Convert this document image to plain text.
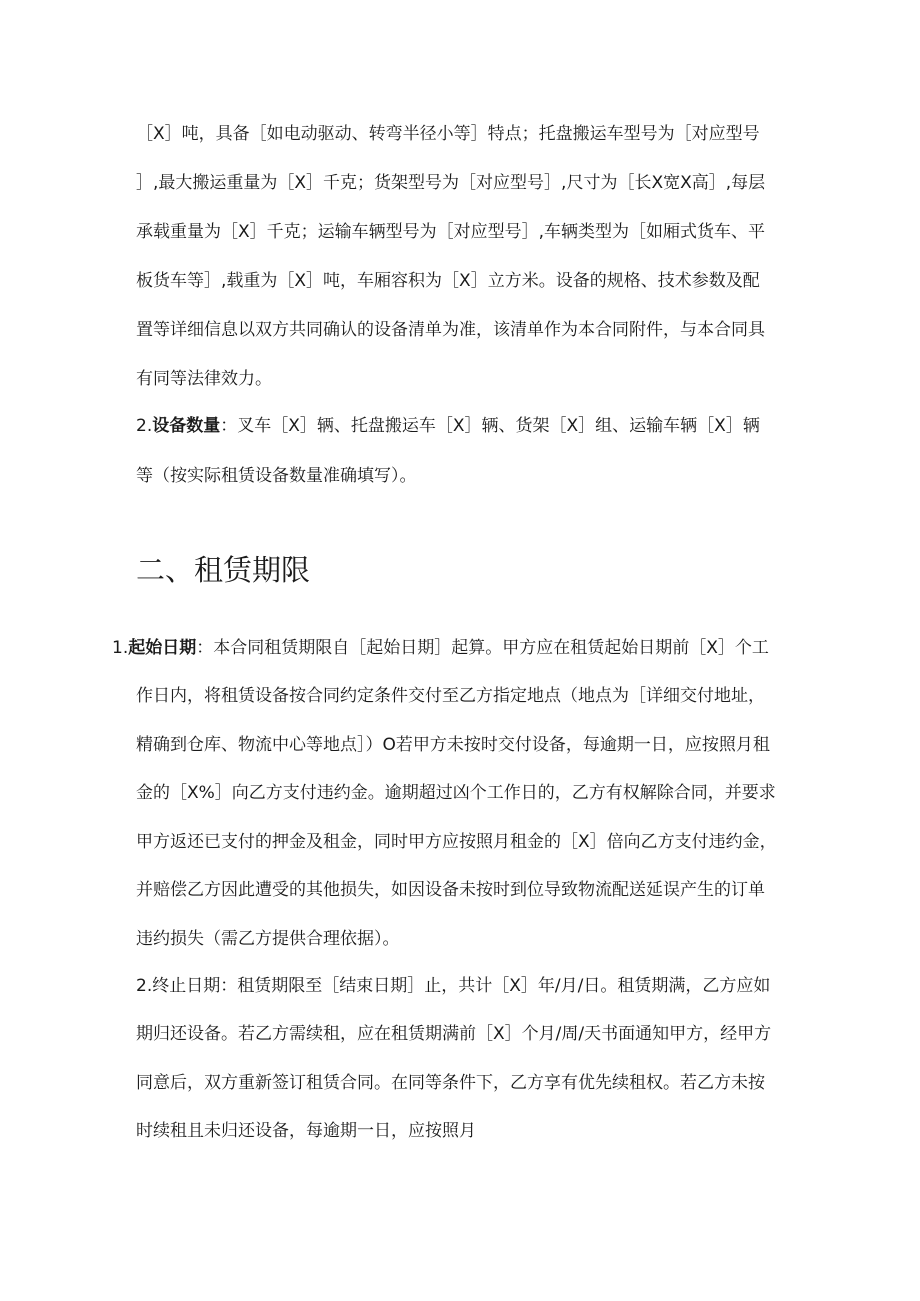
［X］吨，具备［如电动驱动、转弯半径小等］特点；托盘搬运车型号为［对应型号
］,最大搬运重量为［X］千克；货架型号为［对应型号］,尺寸为［长X宽X高］,每层
承载重量为［X］千克；运输车辆型号为［对应型号］,车辆类型为［如厢式货车、平
板货车等］,载重为［X］吨，车厢容积为［X］立方米。设备的规格、技术参数及配
置等详细信息以双方共同确认的设备清单为准，该清单作为本合同附件，与本合同具
有同等法律效力。
2.设备数量：叉车［X］辆、托盘搬运车［X］辆、货架［X］组、运输车辆［X］辆
等（按实际租赁设备数量准确填写）。
二、租赁期限
1.起始日期：本合同租赁期限自［起始日期］起算。甲方应在租赁起始日期前［X］个工
作日内，将租赁设备按合同约定条件交付至乙方指定地点（地点为［详细交付地址，
精确到仓库、物流中心等地点］）O若甲方未按时交付设备，每逾期一日，应按照月租
金的［X%］向乙方支付违约金。逾期超过凶个工作日的，乙方有权解除合同，并要求
甲方返还已支付的押金及租金，同时甲方应按照月租金的［X］倍向乙方支付违约金，
并赔偿乙方因此遭受的其他损失，如因设备未按时到位导致物流配送延误产生的订单
违约损失（需乙方提供合理依据）。
2.终止日期：租赁期限至［结束日期］止，共计［X］年/月/日。租赁期满，乙方应如
期归还设备。若乙方需续租，应在租赁期满前［X］个月/周/天书面通知甲方，经甲方
同意后，双方重新签订租赁合同。在同等条件下，乙方享有优先续租权。若乙方未按
时续租且未归还设备，每逾期一日，应按照月
